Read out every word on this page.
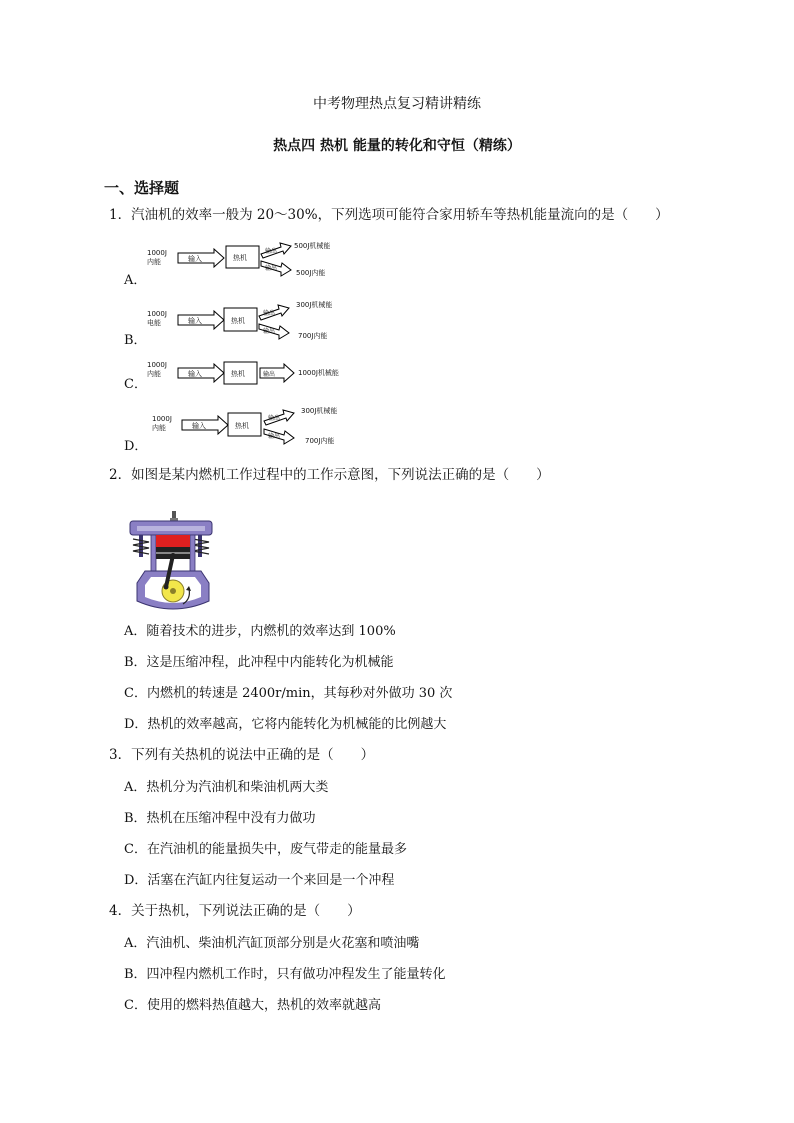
中考物理热点复习精讲精练
热点四 热机 能量的转化和守恒（精练）
一、选择题
1．汽油机的效率一般为 20～30%，下列选项可能符合家用轿车等热机能量流向的是（　　）
A．
1000J
内能	输入	热机
输出
输出
500J机械能
500J内能
B．
1000J
电能	输入	热机
输出
输出
300J机械能
700J内能
C．
1000J
内能	输入	热机	输出	1000J机械能
D．
1000J
内能	输入	热机
输出
输出
300J机械能
700J内能
2．如图是某内燃机工作过程中的工作示意图，下列说法正确的是（　　）
A．随着技术的进步，内燃机的效率达到 100%
B．这是压缩冲程，此冲程中内能转化为机械能
C．内燃机的转速是 2400r/min，其每秒对外做功 30 次
D．热机的效率越高，它将内能转化为机械能的比例越大
3．下列有关热机的说法中正确的是（　　）
A．热机分为汽油机和柴油机两大类
B．热机在压缩冲程中没有力做功
C．在汽油机的能量损失中，废气带走的能量最多
D．活塞在汽缸内往复运动一个来回是一个冲程
4．关于热机，下列说法正确的是（　　）
A．汽油机、柴油机汽缸顶部分别是火花塞和喷油嘴
B．四冲程内燃机工作时，只有做功冲程发生了能量转化
C．使用的燃料热值越大，热机的效率就越高
